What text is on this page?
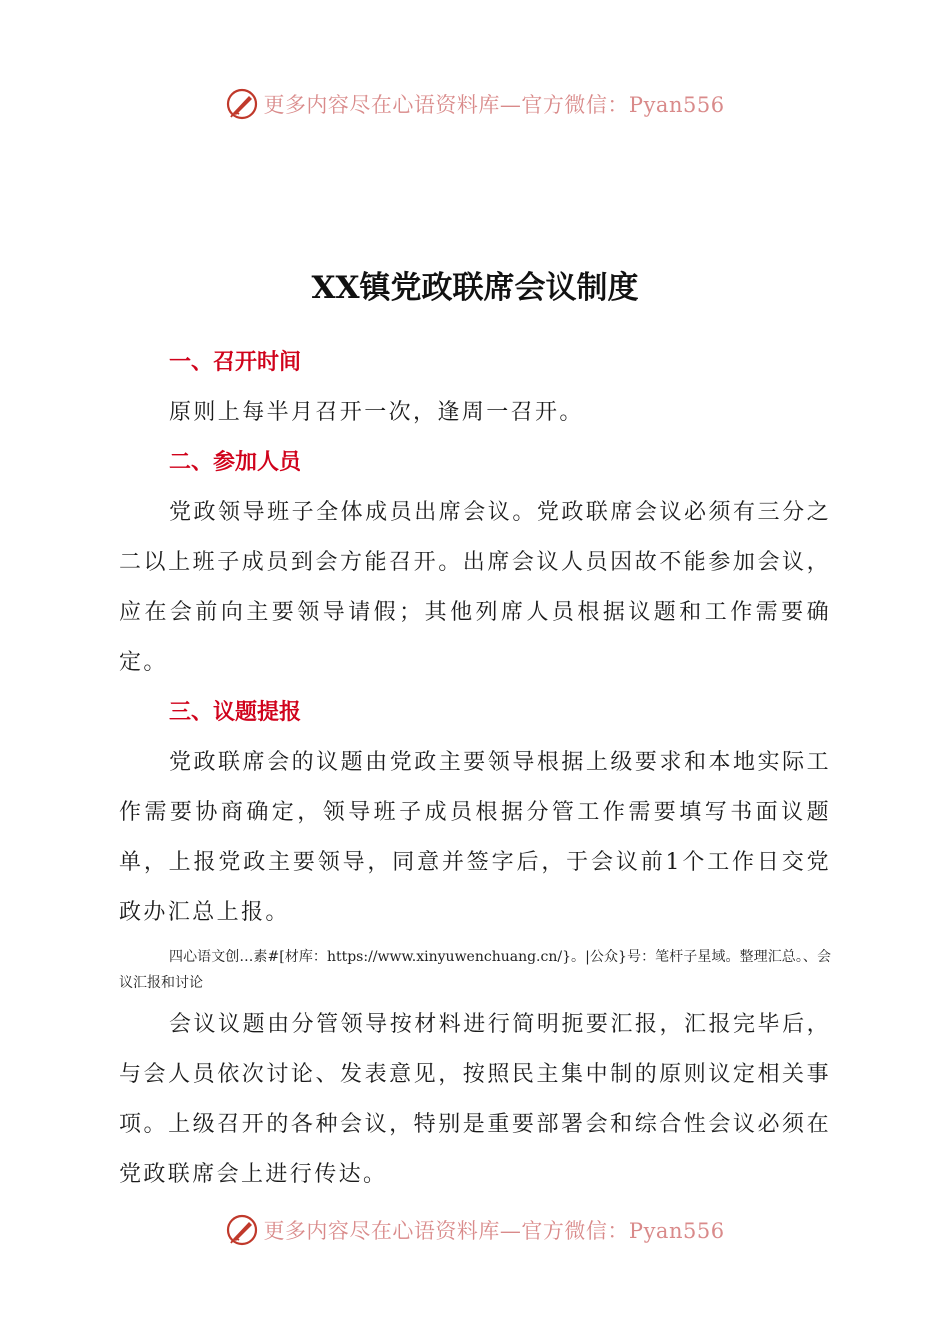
更多内容尽在心语资料库—官方微信：Pyan556
XX镇党政联席会议制度

一、召开时间

原则上每半月召开一次，逢周一召开。

二、参加人员

党政领导班子全体成员出席会议。党政联席会议必须有三分之二以上班子成员到会方能召开。出席会议人员因故不能参加会议，应在会前向主要领导请假；其他列席人员根据议题和工作需要确定。

三、议题提报

党政联席会的议题由党政主要领导根据上级要求和本地实际工作需要协商确定，领导班子成员根据分管工作需要填写书面议题单，上报党政主要领导，同意并签字后，于会议前1个工作日交党政办汇总上报。

四心语文创…素#[材库：https://www.xinyuwenchuang.cn/}。|公众}号：笔杆子星域。整理汇总。、会议汇报和讨论

会议议题由分管领导按材料进行简明扼要汇报，汇报完毕后，与会人员依次讨论、发表意见，按照民主集中制的原则议定相关事项。上级召开的各种会议，特别是重要部署会和综合性会议必须在党政联席会上进行传达。

更多内容尽在心语资料库—官方微信：Pyan556
